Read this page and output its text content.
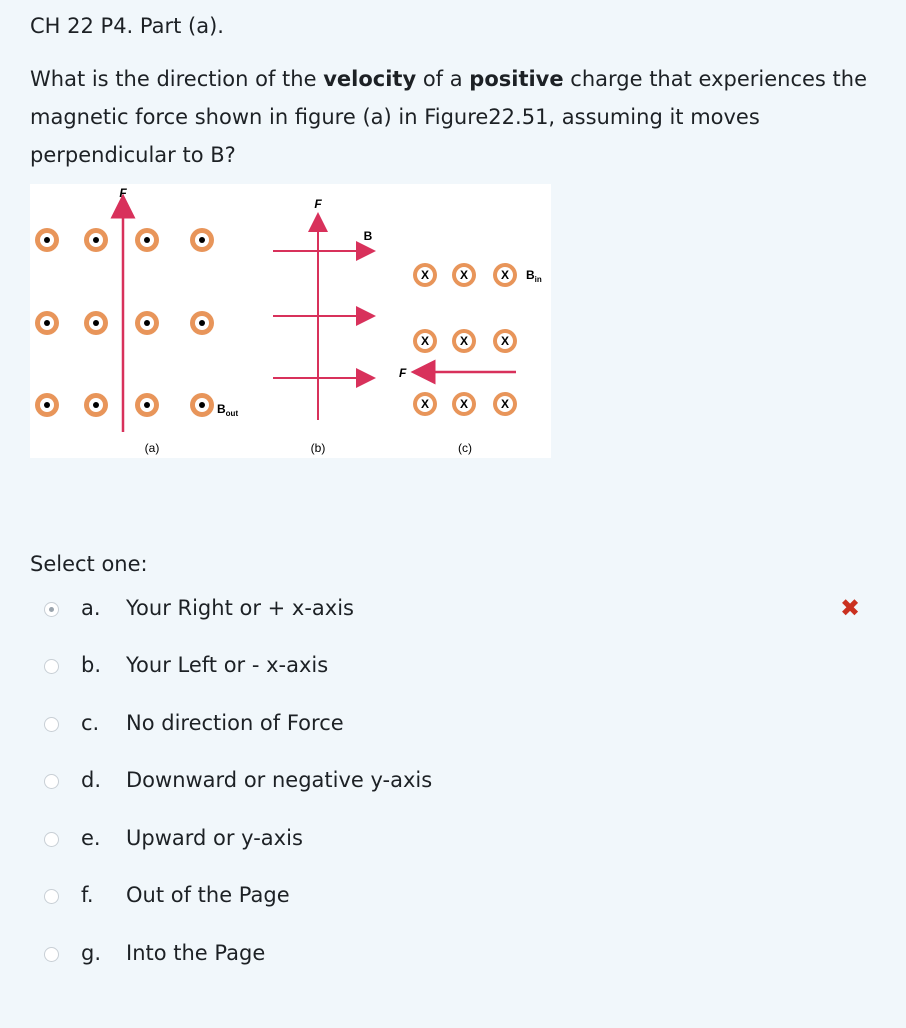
CH 22 P4. Part (a).
What is the direction of the velocity of a positive charge that experiences the magnetic force shown in figure (a) in Figure22.51, assuming it moves perpendicular to B?
F
$B_{out}$
(a)
F
B
(b)
X	X	X
X	X	X
X	X	X
$B_{in}$
F
(c)
Select one:
a. Your Right or + x-axis
b. Your Left or - x-axis
c. No direction of Force
d. Downward or negative y-axis
e. Upward or y-axis
f. Out of the Page
g. Into the Page
✖
